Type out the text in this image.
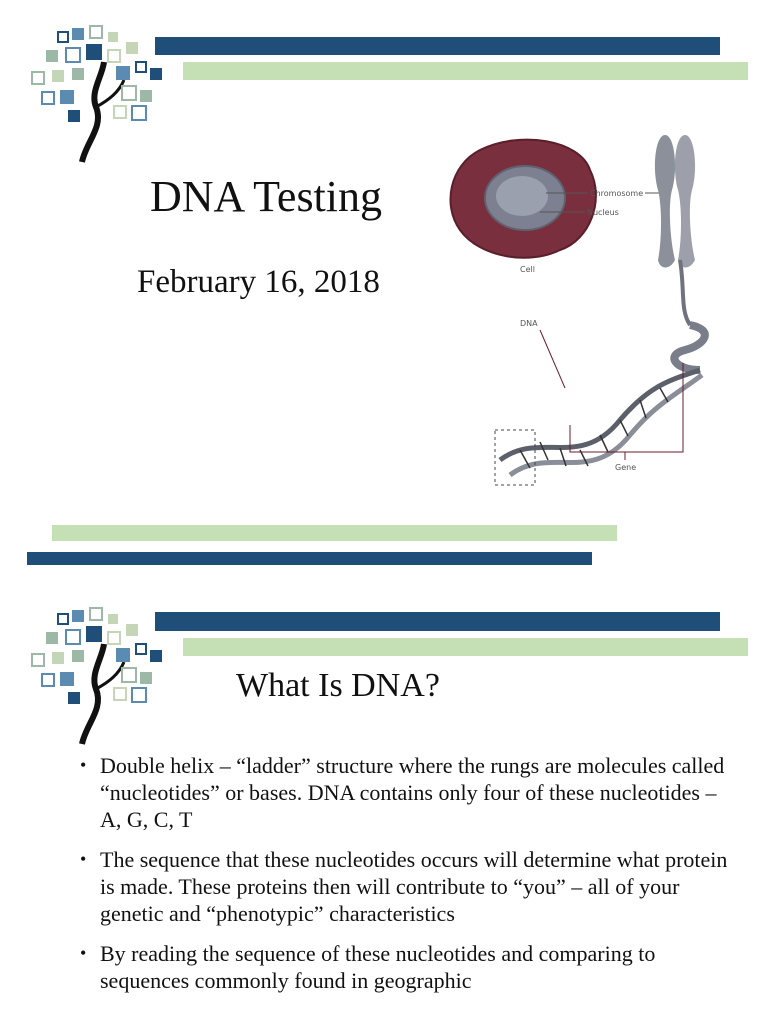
DNA Testing
February 16, 2018	Cell
Chromosome
Nucleus
DNA
Gene
What Is DNA?
• Double helix – “ladder” structure where the rungs are molecules called “nucleotides” or bases. DNA contains only four of these nucleotides – A, G, C, T
• The sequence that these nucleotides occurs will determine what protein is made. These proteins then will contribute to “you” – all of your genetic and “phenotypic” characteristics
• By reading the sequence of these nucleotides and comparing to sequences commonly found in geographic
